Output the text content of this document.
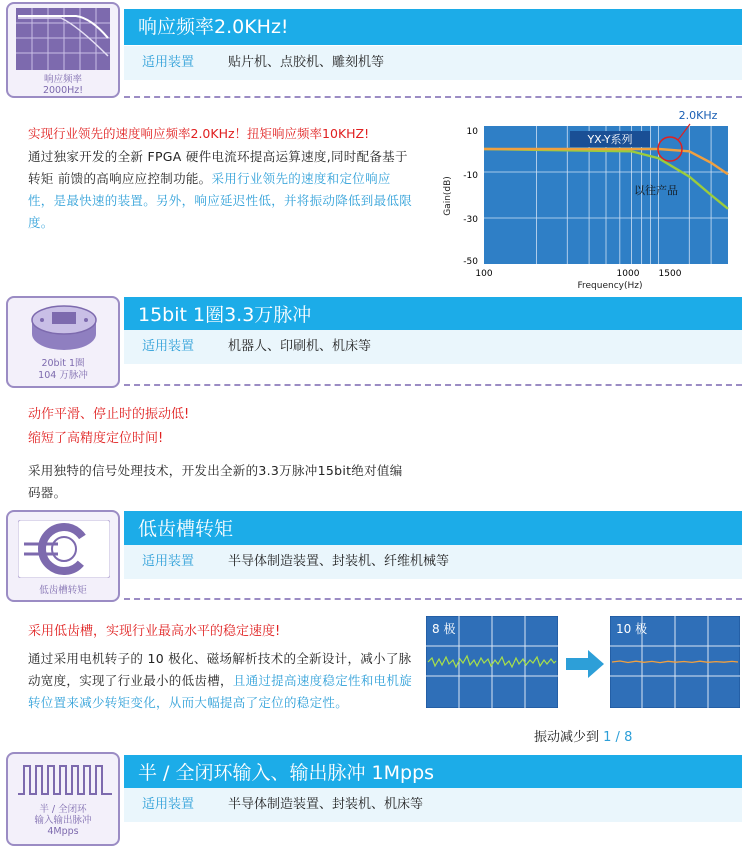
响应频率
2000Hz!
响应频率2.0KHz!
适用装置	贴片机、点胶机、雕刻机等
实现行业领先的速度响应频率2.0KHz！扭矩响应频率10KHZ!
通过独家开发的全新 FPGA 硬件电流环提高运算速度,同时配备基于转矩 前馈的高响应应控制功能。采用行业领先的速度和定位响应性，是最快速的装置。另外，响应延迟性低，并将振动降低到最低限度。
Gain(dB)
Frequency(Hz)
10
-10
-30
-50
100	1000 1500
YX-Y系列
以往产品
2.0KHz
20bit 1圈
104 万脉冲
15bit 1圈3.3万脉冲
适用装置	机器人、印刷机、机床等
动作平滑、停止时的振动低!
缩短了高精度定位时间!
采用独特的信号处理技术，开发出全新的3.3万脉冲15bit绝对值编码器。
低齿槽转矩
低齿槽转矩
适用装置	半导体制造装置、封装机、纤维机械等
采用低齿槽，实现行业最高水平的稳定速度!
通过采用电机转子的 10 极化、磁场解析技术的全新设计，减小了脉动宽度，实现了行业最小的低齿槽，且通过提高速度稳定性和电机旋转位置来减少转矩变化，从而大幅提高了定位的稳定性。
8 极	10 极
振动减少到 1 / 8
半 / 全闭环
输入输出脉冲
4Mpps
半 / 全闭环输入、输出脉冲 1Mpps
适用装置	半导体制造装置、封装机、机床等
